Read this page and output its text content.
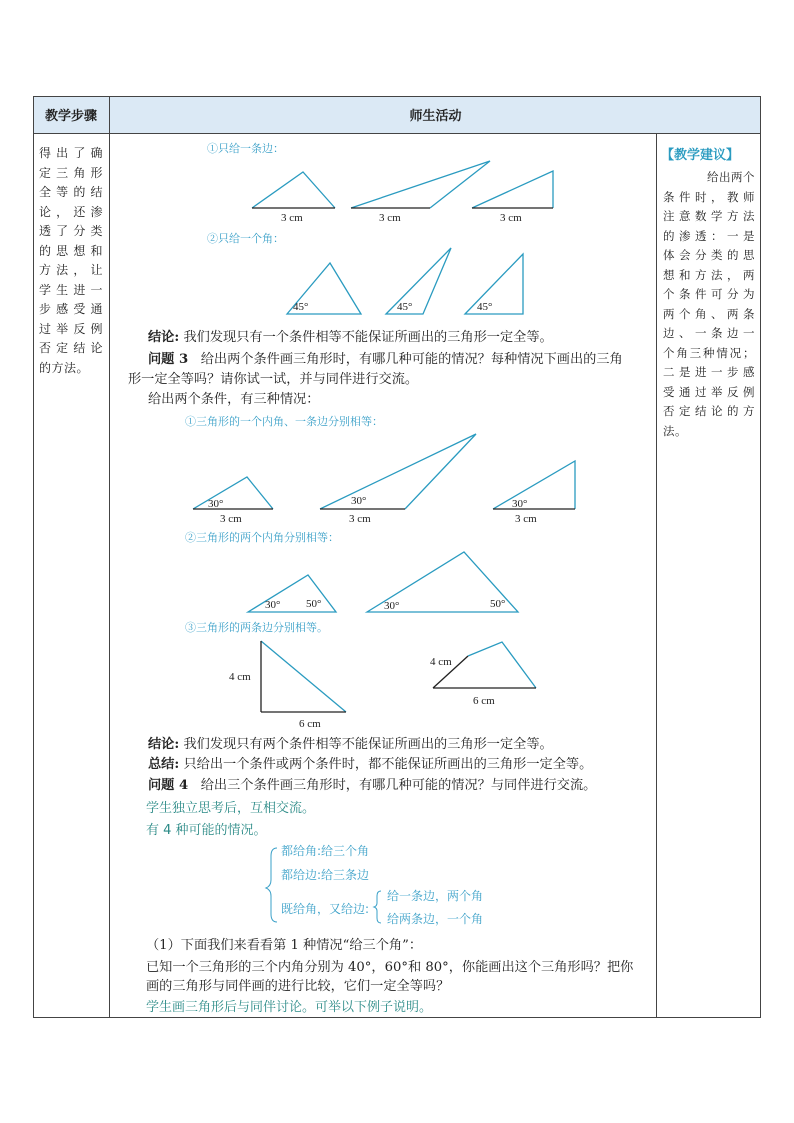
教学步骤	师生活动
得出了确
定三角形
全等的结
论，还渗
透了分类
的思想和
方法，让
学生进一
步感受通
过举反例
否定结论
的方法。
【教学建议】
给出两个
条件时，教师
注意数学方法
的渗透：一是
体会分类的思
想和方法，两
个条件可分为
两个角、两条
边、一条边一
个角三种情况；
二是进一步感
受通过举反例
否定结论的方
法。
①只给一条边：
3 cm	3 cm	3 cm
45°	45°	45°
30°	30°	30°
3 cm	3 cm	3 cm
30° 50°	30°	50°
4 cm
6 cm
4 cm
6 cm
②只给一个角：
结论: 我们发现只有一个条件相等不能保证所画出的三角形一定全等。
问题 3 给出两个条件画三角形时，有哪几种可能的情况？每种情况下画出的三角
形一定全等吗？请你试一试，并与同伴进行交流。
给出两个条件，有三种情况：
①三角形的一个内角、一条边分别相等：
②三角形的两个内角分别相等：
③三角形的两条边分别相等。
结论: 我们发现只有两个条件相等不能保证所画出的三角形一定全等。
总结: 只给出一个条件或两个条件时，都不能保证所画出的三角形一定全等。
问题 4 给出三个条件画三角形时，有哪几种可能的情况？与同伴进行交流。
学生独立思考后，互相交流。
有 4 种可能的情况。
都给角:给三个角
都给边:给三条边
既给角，又给边:
给一条边，两个角
给两条边，一个角
（1）下面我们来看看第 1 种情况“给三个角”：
已知一个三角形的三个内角分别为 40°，60°和 80°，你能画出这个三角形吗？把你
画的三角形与同伴画的进行比较，它们一定全等吗？
学生画三角形后与同伴讨论。可举以下例子说明。
